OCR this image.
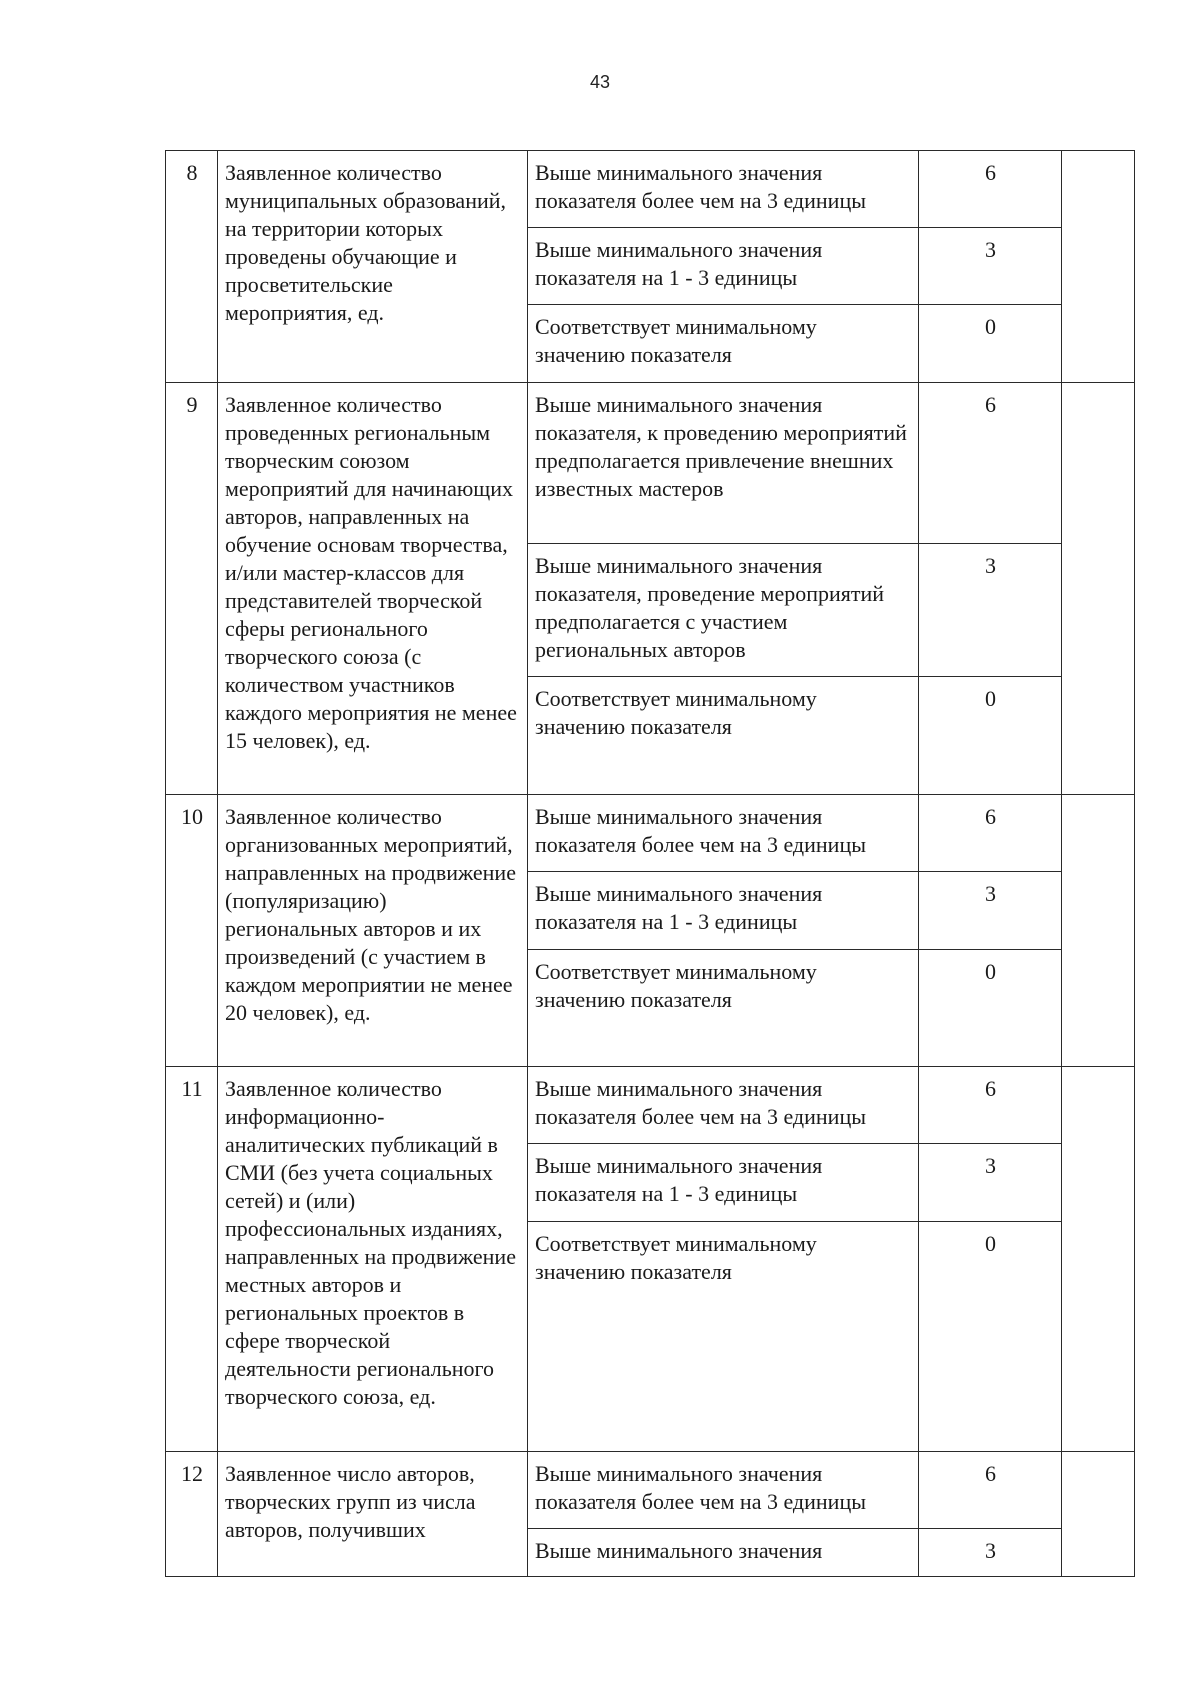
43
8	Заявленное количество муниципальных образований, на территории которых проведены обучающие и просветительские мероприятия, ед.	Выше минимального значения показателя более чем на 3 единицы	6	
		Выше минимального значения показателя на 1 - 3 единицы	3	
		Соответствует минимальному значению показателя	0	
9	Заявленное количество проведенных региональным творческим союзом мероприятий для начинающих авторов, направленных на обучение основам творчества, и/или мастер-классов для представителей творческой сферы регионального творческого союза (с количеством участников каждого мероприятия не менее 15 человек), ед.	Выше минимального значения показателя, к проведению мероприятий предполагается привлечение внешних известных мастеров	6	
		Выше минимального значения показателя, проведение мероприятий предполагается с участием региональных авторов	3	
		Соответствует минимальному значению показателя	0	
10	Заявленное количество организованных мероприятий, направленных на продвижение (популяризацию) региональных авторов и их произведений (с участием в каждом мероприятии не менее 20 человек), ед.	Выше минимального значения показателя более чем на 3 единицы	6	
		Выше минимального значения показателя на 1 - 3 единицы	3	
		Соответствует минимальному значению показателя	0	
11	Заявленное количество информационно-аналитических публикаций в СМИ (без учета социальных сетей) и (или) профессиональных изданиях, направленных на продвижение местных авторов и региональных проектов в сфере творческой деятельности регионального творческого союза, ед.	Выше минимального значения показателя более чем на 3 единицы	6	
		Выше минимального значения показателя на 1 - 3 единицы	3	
		Соответствует минимальному значению показателя	0	
12	Заявленное число авторов, творческих групп из числа авторов, получивших	Выше минимального значения показателя более чем на 3 единицы	6	
		Выше минимального значения	3	
